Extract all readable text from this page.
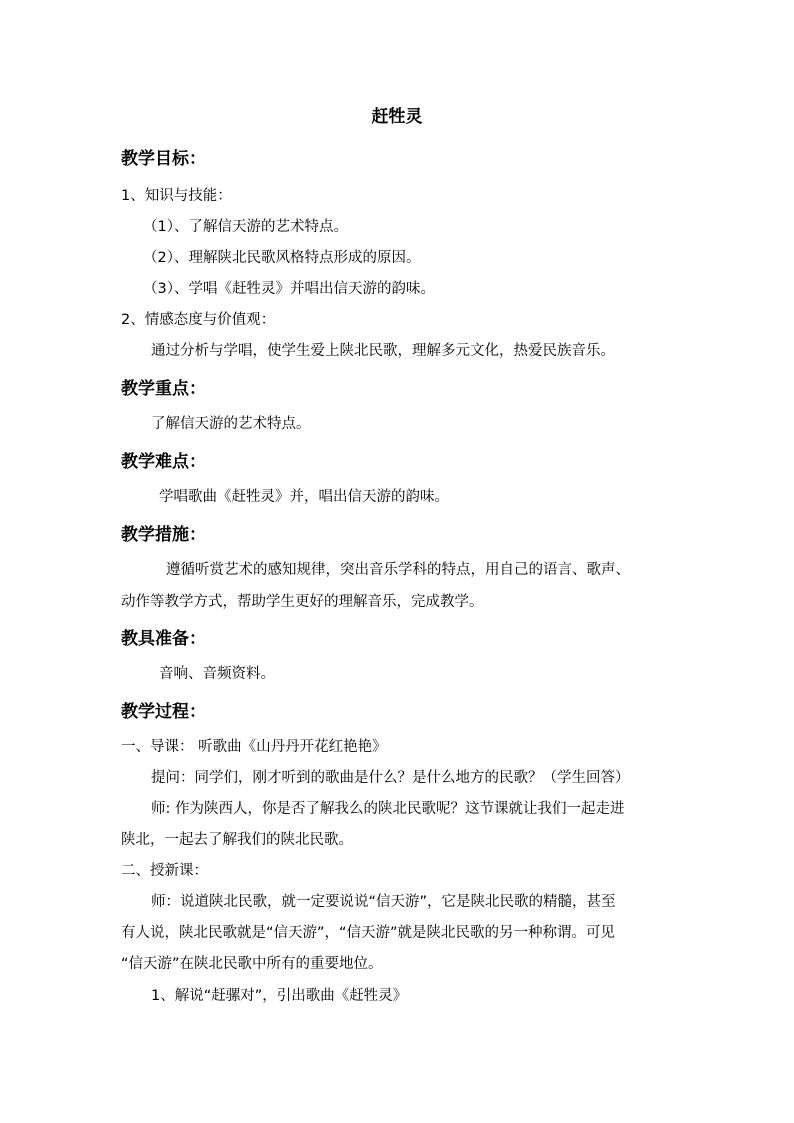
赶牲灵
教学目标：
1、知识与技能：
（1）、了解信天游的艺术特点。
（2）、理解陕北民歌风格特点形成的原因。
（3）、学唱《赶牲灵》并唱出信天游的韵味。
2、情感态度与价值观：
通过分析与学唱，使学生爱上陕北民歌，理解多元文化，热爱民族音乐。
教学重点：
了解信天游的艺术特点。
教学难点：
学唱歌曲《赶牲灵》并，唱出信天游的韵味。
教学措施：
遵循听赏艺术的感知规律，突出音乐学科的特点，用自己的语言、歌声、
动作等教学方式，帮助学生更好的理解音乐，完成教学。
教具准备：
音响、音频资料。
教学过程：
一、导课： 听歌曲《山丹丹开花红艳艳》
提问：同学们，刚才听到的歌曲是什么？是什么地方的民歌？（学生回答）
师: 作为陕西人，你是否了解我么的陕北民歌呢？这节课就让我们一起走进
陕北，一起去了解我们的陕北民歌。
二、授新课：
师：说道陕北民歌，就一定要说说“信天游”，它是陕北民歌的精髓，甚至
有人说，陕北民歌就是“信天游”，“信天游”就是陕北民歌的另一种称谓。可见
“信天游”在陕北民歌中所有的重要地位。
1、解说“赶骡对”，引出歌曲《赶牲灵》
